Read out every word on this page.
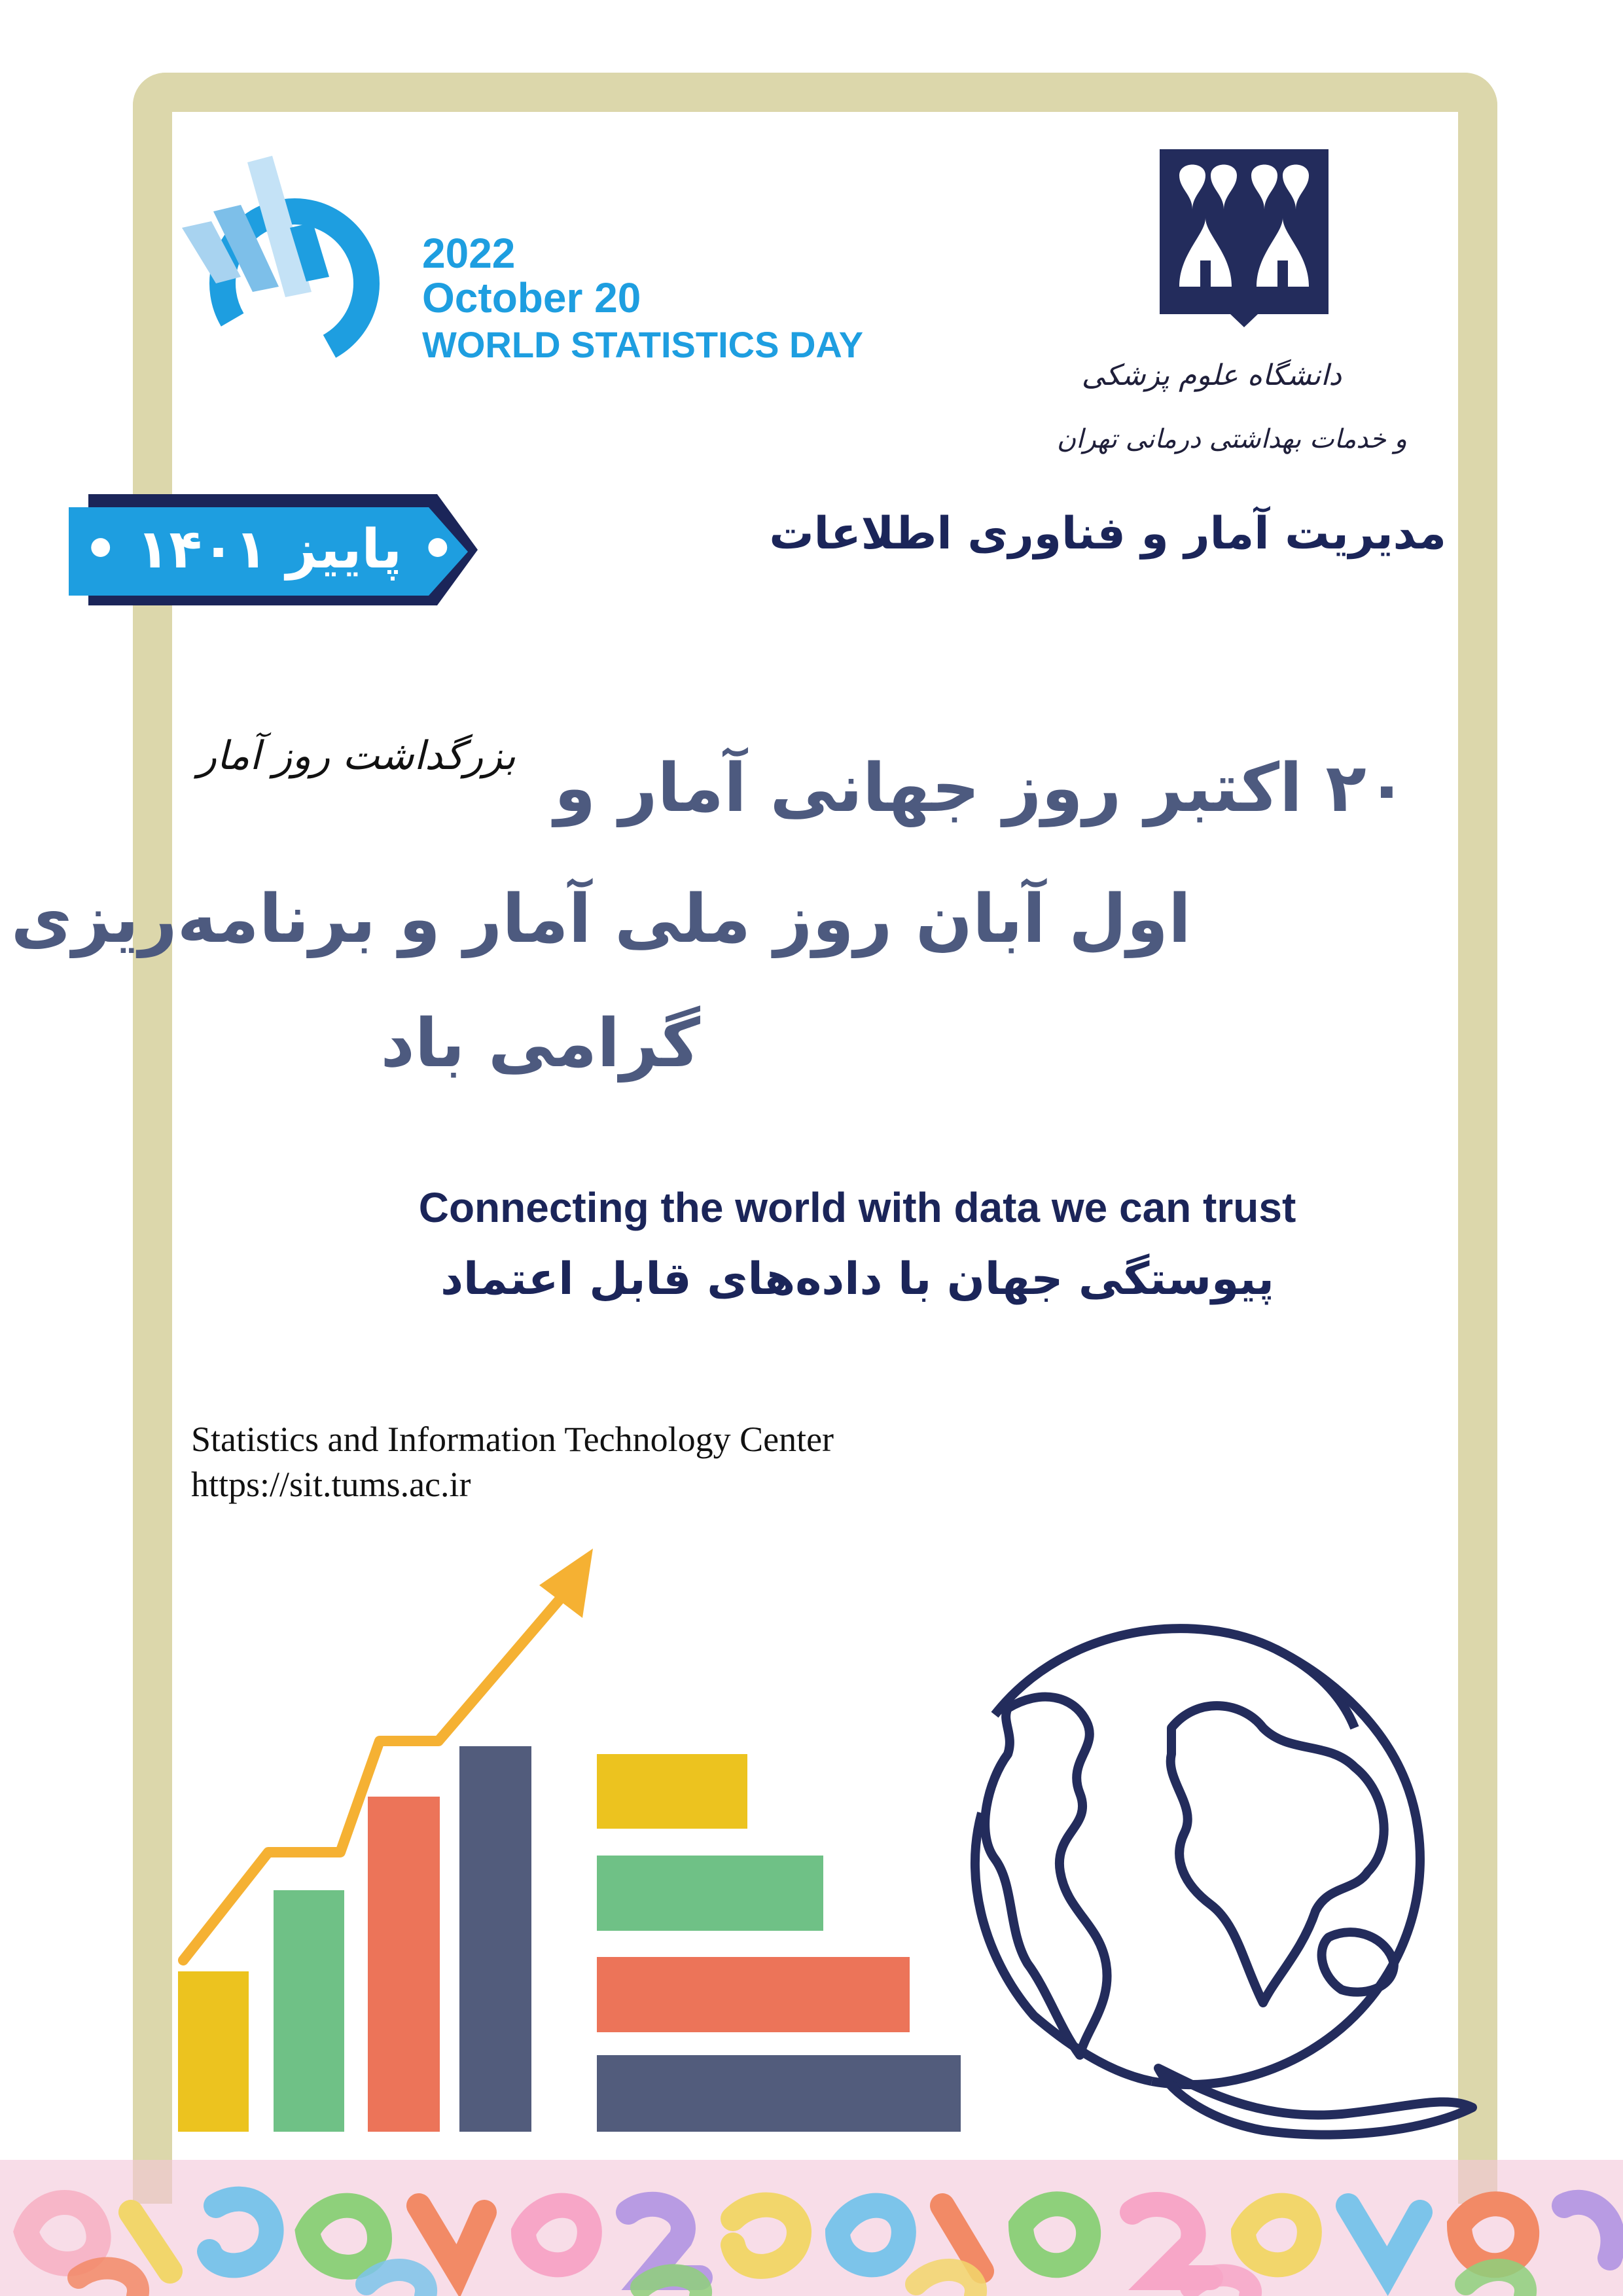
2022
October 20
WORLD STATISTICS DAY
دانشگاه علوم پزشکی
و خدمات بهداشتی درمانی تهران
مدیریت آمار و فناوری اطلاعات
• پاییز ۱۴۰۱ •
بزرگداشت روز آمار ۲۰ اکتبر روز جهانی آمار و
اول آبان روز ملی آمار و برنامه‌ریزی
گرامی باد
Connecting the world with data we can trust
پیوستگی جهان با داده‌های قابل اعتماد
Statistics and Information Technology Center
https://sit.tums.ac.ir
